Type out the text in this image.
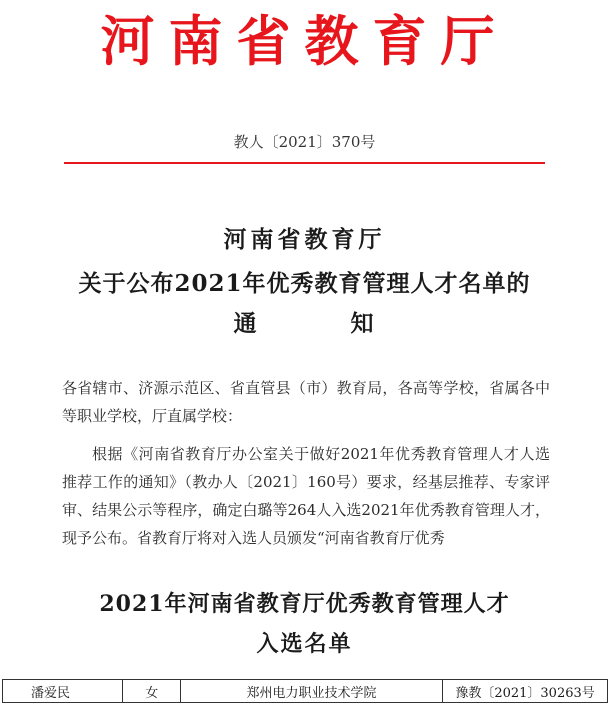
河南省教育厅
教人〔2021〕370号
河南省教育厅
关于公布2021年优秀教育管理人才名单的
通	知
各省辖市、济源示范区、省直管县（市）教育局，各高等学校，省属各中等职业学校，厅直属学校：
根据《河南省教育厅办公室关于做好2021年优秀教育管理人才人选推荐工作的通知》（教办人〔2021〕160号）要求，经基层推荐、专家评审、结果公示等程序，确定白璐等264人入选2021年优秀教育管理人才，现予公布。省教育厅将对入选人员颁发“河南省教育厅优秀
2021年河南省教育厅优秀教育管理人才
入选名单
潘爱民	女	郑州电力职业技术学院	豫教〔2021〕30263号
